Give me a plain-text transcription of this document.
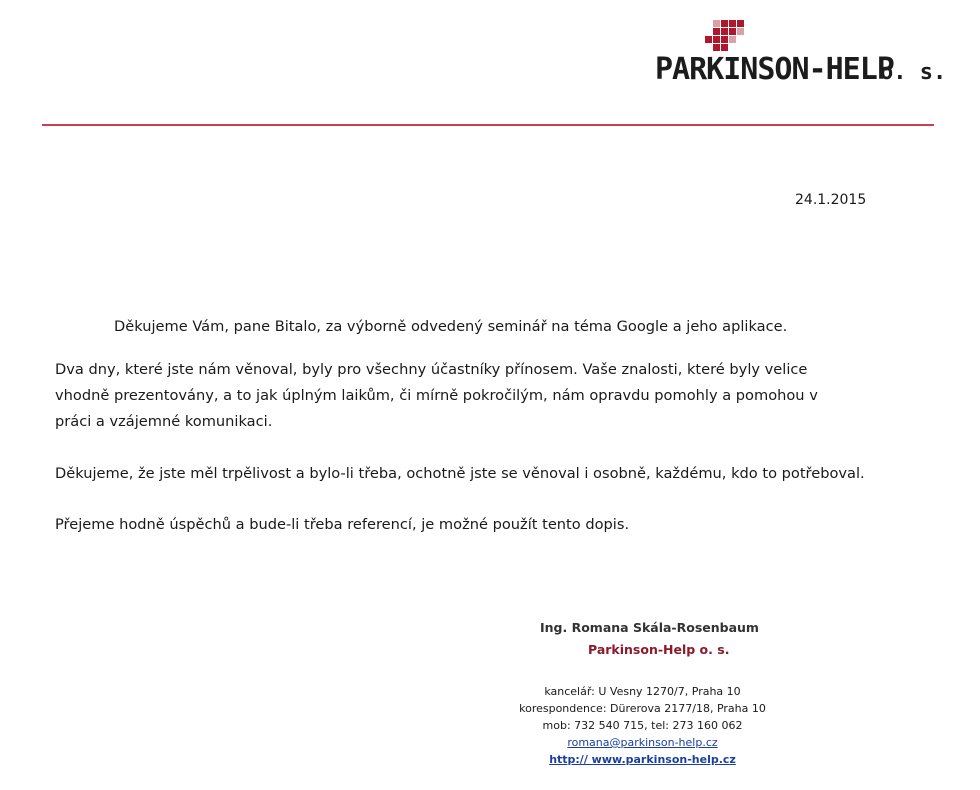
PARKINSON-HELP
o. s.
24.1.2015
Děkujeme Vám, pane Bitalo, za výborně odvedený seminář na téma Google a jeho aplikace.
Dva dny, které jste nám věnoval, byly pro všechny účastníky přínosem. Vaše znalosti, které byly velice vhodně prezentovány, a to jak úplným laikům, či mírně pokročilým, nám opravdu pomohly a pomohou v práci a vzájemné komunikaci.
Děkujeme, že jste měl trpělivost a bylo-li třeba, ochotně jste se věnoval i osobně, každému, kdo to potřeboval.
Přejeme hodně úspěchů a bude-li třeba referencí, je možné použít tento dopis.
Ing. Romana Skála-Rosenbaum
Parkinson-Help o. s.
kancelář: U Vesny 1270/7, Praha 10
korespondence: Dürerova 2177/18, Praha 10
mob: 732 540 715, tel: 273 160 062
romana@parkinson-help.cz
http:// www.parkinson-help.cz
